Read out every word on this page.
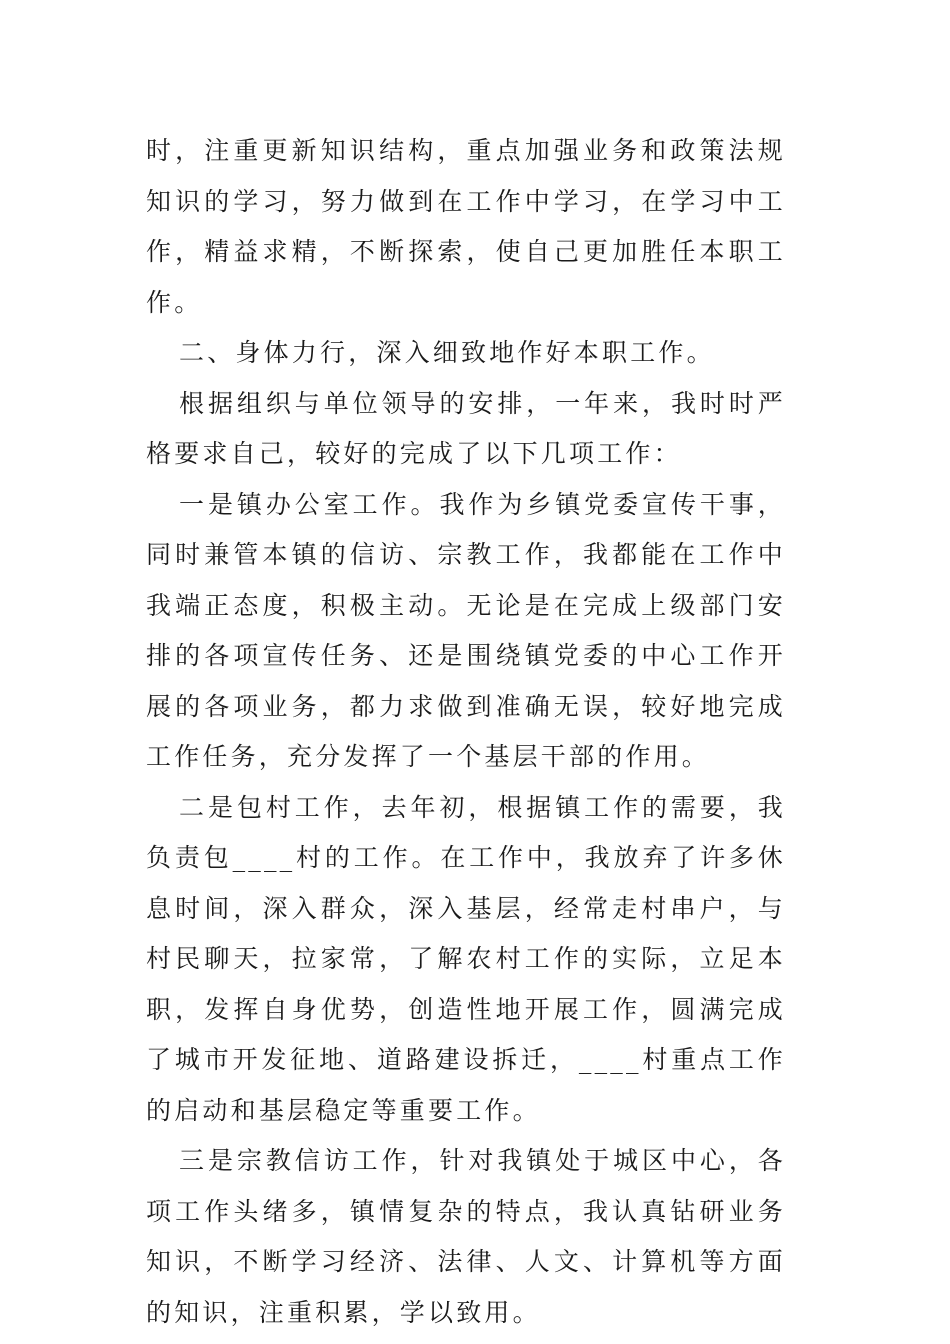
时，注重更新知识结构，重点加强业务和政策法规知识的学习，努力做到在工作中学习，在学习中工作，精益求精，不断探索，使自己更加胜任本职工作。

二、身体力行，深入细致地作好本职工作。

根据组织与单位领导的安排，一年来，我时时严格要求自己，较好的完成了以下几项工作：

一是镇办公室工作。我作为乡镇党委宣传干事，同时兼管本镇的信访、宗教工作，我都能在工作中我端正态度，积极主动。无论是在完成上级部门安排的各项宣传任务、还是围绕镇党委的中心工作开展的各项业务，都力求做到准确无误，较好地完成工作任务，充分发挥了一个基层干部的作用。

二是包村工作，去年初，根据镇工作的需要，我负责包____村的工作。在工作中，我放弃了许多休息时间，深入群众，深入基层，经常走村串户，与村民聊天，拉家常，了解农村工作的实际，立足本职，发挥自身优势，创造性地开展工作，圆满完成了城市开发征地、道路建设拆迁，____村重点工作的启动和基层稳定等重要工作。

三是宗教信访工作，针对我镇处于城区中心，各项工作头绪多，镇情复杂的特点，我认真钻研业务知识，不断学习经济、法律、人文、计算机等方面的知识，注重积累，学以致用。
